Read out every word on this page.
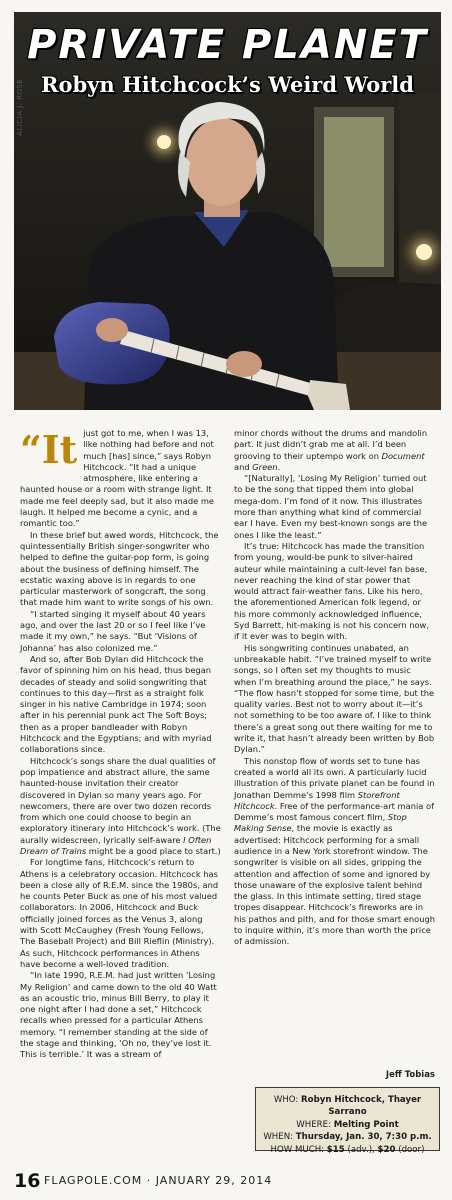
ALICIA J. ROSE
PRIVATE PLANET
Robyn Hitchcock’s Weird World

“It just got to me, when I was 13, like nothing had before and not much [has] since,” says Robyn Hitchcock. “It had a unique atmosphere, like entering a haunted house or a room with strange light. It made me feel deeply sad, but it also made me laugh. It helped me become a cynic, and a romantic too.”

In these brief but awed words, Hitchcock, the quintessentially British singer-songwriter who helped to define the guitar-pop form, is going about the business of defining himself. The ecstatic waxing above is in regards to one particular masterwork of songcraft, the song that made him want to write songs of his own.

“I started singing it myself about 40 years ago, and over the last 20 or so I feel like I’ve made it my own,” he says. “But ‘Visions of Johanna’ has also colonized me.”

And so, after Bob Dylan did Hitchcock the favor of spinning him on his head, thus began decades of steady and solid songwriting that continues to this day—first as a straight folk singer in his native Cambridge in 1974; soon after in his perennial punk act The Soft Boys; then as a proper bandleader with Robyn Hitchcock and the Egyptians; and with myriad collaborations since.

Hitchcock’s songs share the dual qualities of pop impatience and abstract allure, the same haunted-house invitation their creator discovered in Dylan so many years ago. For newcomers, there are over two dozen records from which one could choose to begin an exploratory itinerary into Hitchcock’s work. (The aurally widescreen, lyrically self-aware I Often Dream of Trains might be a good place to start.)

For longtime fans, Hitchcock’s return to Athens is a celebratory occasion. Hitchcock has been a close ally of R.E.M. since the 1980s, and he counts Peter Buck as one of his most valued collaborators. In 2006, Hitchcock and Buck officially joined forces as the Venus 3, along with Scott McCaughey (Fresh Young Fellows, The Baseball Project) and Bill Rieflin (Ministry). As such, Hitchcock performances in Athens have become a well-loved tradition.

“In late 1990, R.E.M. had just written ‘Losing My Religion’ and came down to the old 40 Watt as an acoustic trio, minus Bill Berry, to play it one night after I had done a set,” Hitchcock recalls when pressed for a particular Athens memory. “I remember standing at the side of the stage and thinking, ‘Oh no, they’ve lost it. This is terrible.’ It was a stream of

minor chords without the drums and mandolin part. It just didn’t grab me at all. I’d been grooving to their uptempo work on Document and Green.

“[Naturally], ‘Losing My Religion’ turned out to be the song that tipped them into global mega-dom. I’m fond of it now. This illustrates more than anything what kind of commercial ear I have. Even my best-known songs are the ones I like the least.”

It’s true: Hitchcock has made the transition from young, would-be punk to silver-haired auteur while maintaining a cult-level fan base, never reaching the kind of star power that would attract fair-weather fans. Like his hero, the aforementioned American folk legend, or his more commonly acknowledged influence, Syd Barrett, hit-making is not his concern now, if it ever was to begin with.

His songwriting continues unabated, an unbreakable habit. “I’ve trained myself to write songs, so I often set my thoughts to music when I’m breathing around the place,” he says. “The flow hasn’t stopped for some time, but the quality varies. Best not to worry about it—it’s not something to be too aware of. I like to think there’s a great song out there waiting for me to write it, that hasn’t already been written by Bob Dylan.”

This nonstop flow of words set to tune has created a world all its own. A particularly lucid illustration of this private planet can be found in Jonathan Demme’s 1998 film Storefront Hitchcock. Free of the performance-art mania of Demme’s most famous concert film, Stop Making Sense, the movie is exactly as advertised: Hitchcock performing for a small audience in a New York storefront window. The songwriter is visible on all sides, gripping the attention and affection of some and ignored by those unaware of the explosive talent behind the glass. In this intimate setting, tired stage tropes disappear. Hitchcock’s fireworks are in his pathos and pith, and for those smart enough to inquire within, it’s more than worth the price of admission.

Jeff Tobias

WHO: Robyn Hitchcock, Thayer Sarrano
WHERE: Melting Point
WHEN: Thursday, Jan. 30, 7:30 p.m.
HOW MUCH: $15 (adv.), $20 (door)
16 FLAGPOLE.COM · JANUARY 29, 2014
